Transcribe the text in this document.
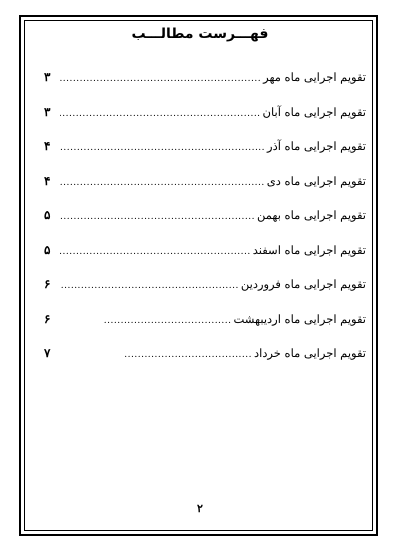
فهـــرست مطالـــب
تقویم اجرایی ماه مهر
.....
۳
تقویم اجرایی ماه آبان
.....
۳
تقویم اجرایی ماه آذر
.....
۴
تقویم اجرایی ماه دی
.....
۴
تقویم اجرایی ماه بهمن
.....
۵
تقویم اجرایی ماه اسفند
.....
۵
تقویم اجرایی ماه فروردین
.....
۶
تقویم اجرایی ماه اردیبهشت
.....
۶
تقویم اجرایی ماه خرداد
.....
۷
۲
